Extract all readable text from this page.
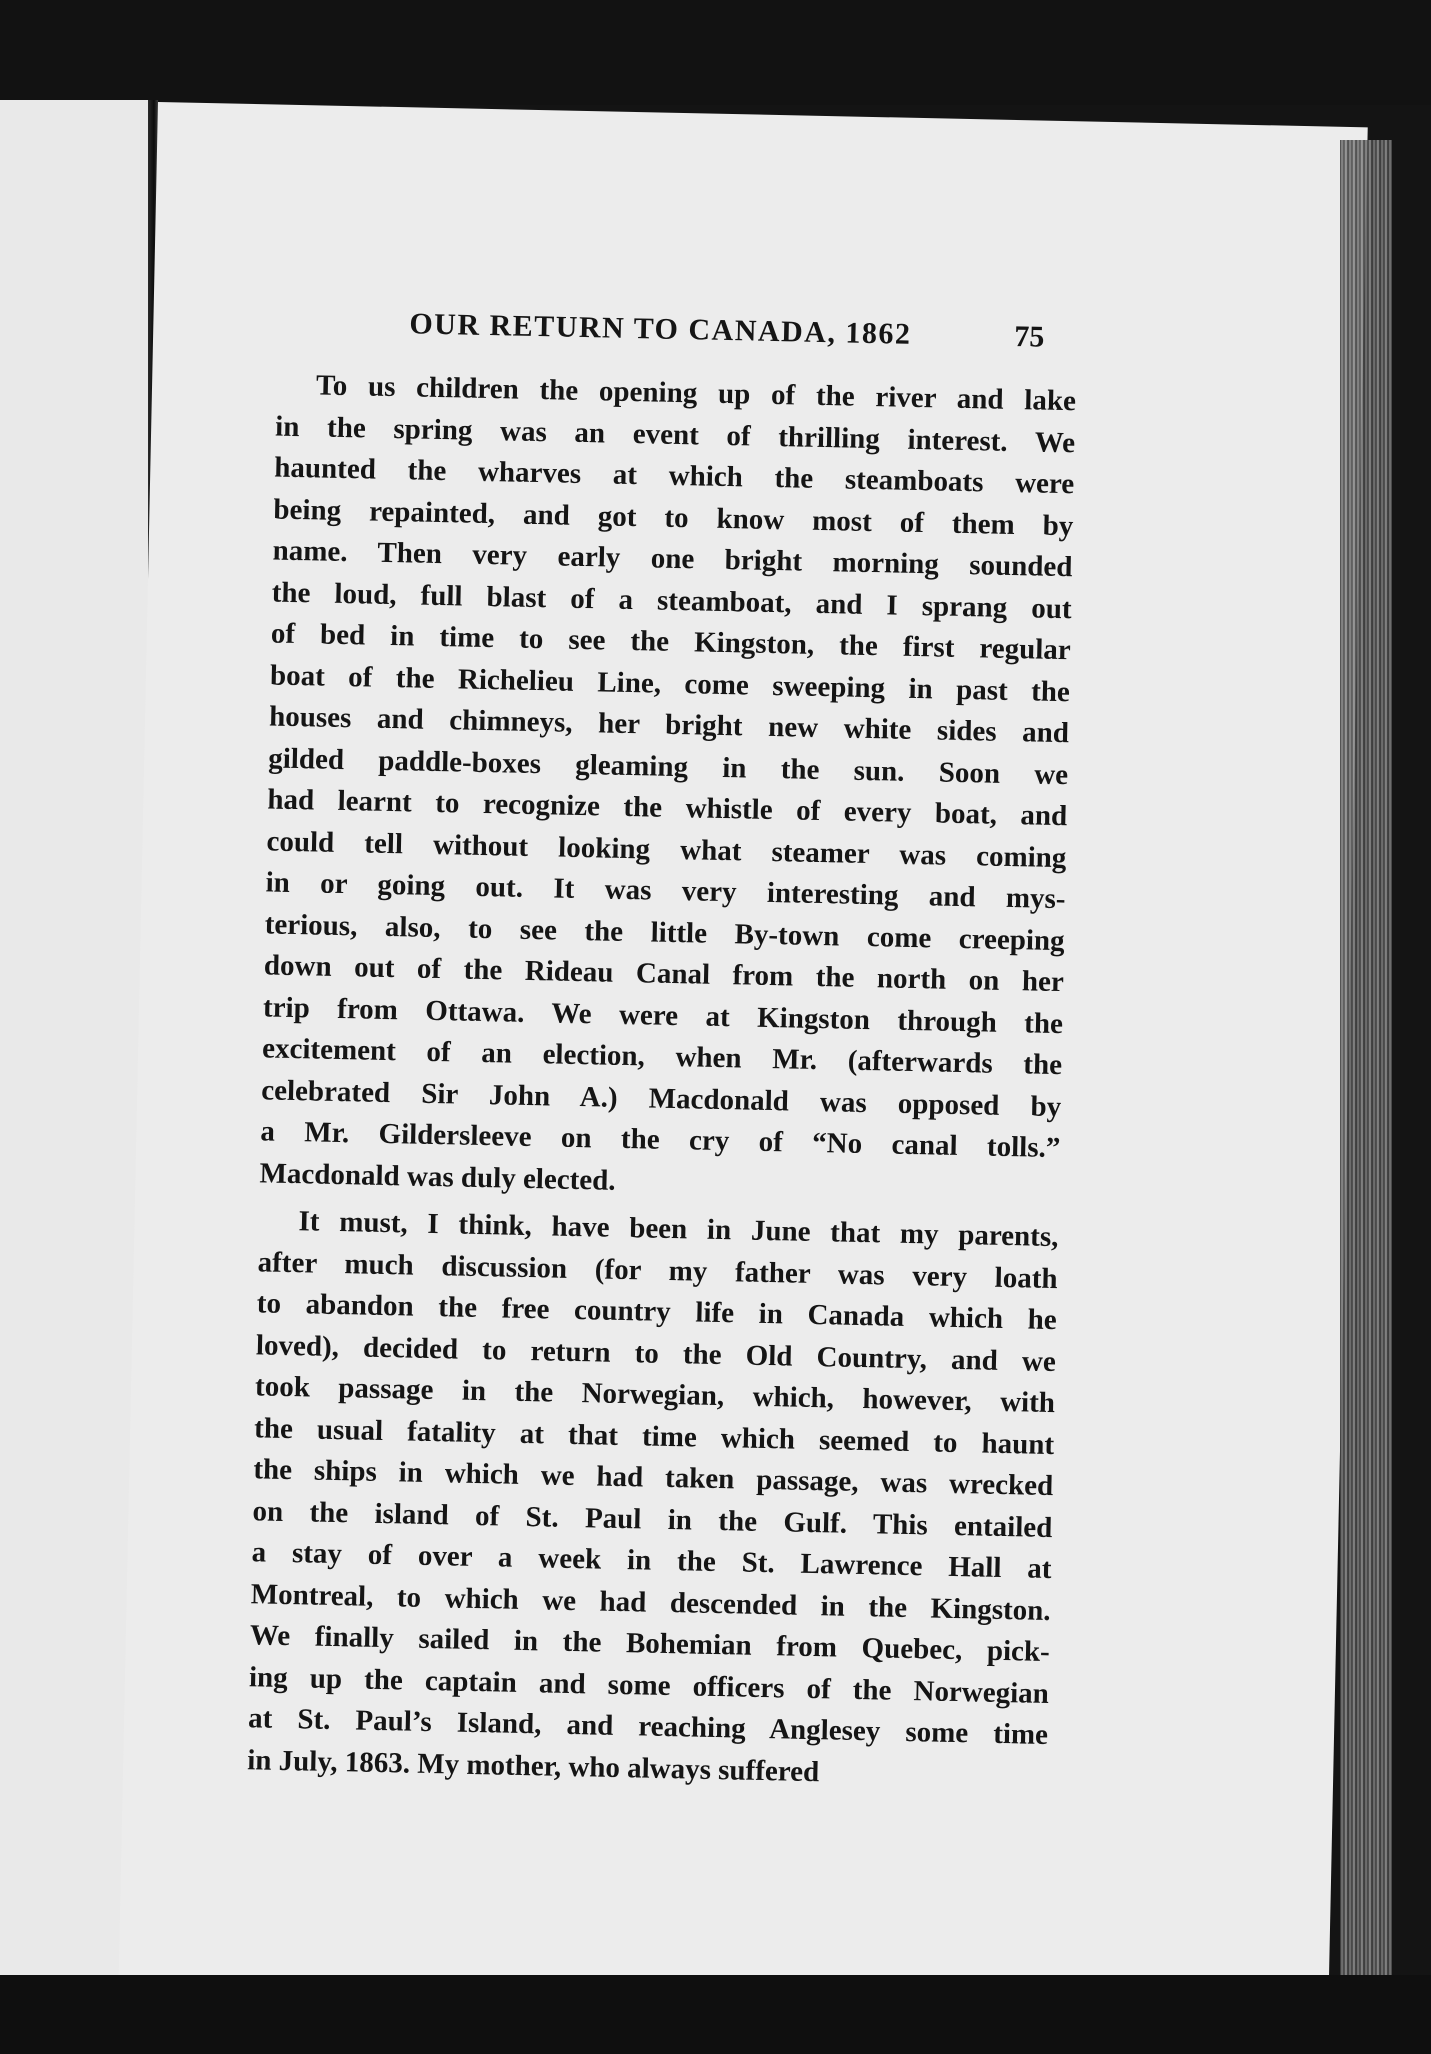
OUR RETURN TO CANADA, 1862	75
To us children the opening up of the river and lake
in the spring was an event of thrilling interest. We
haunted the wharves at which the steamboats were
being repainted, and got to know most of them by
name. Then very early one bright morning sounded
the loud, full blast of a steamboat, and I sprang out
of bed in time to see the Kingston, the first regular
boat of the Richelieu Line, come sweeping in past the
houses and chimneys, her bright new white sides and
gilded paddle-boxes gleaming in the sun. Soon we
had learnt to recognize the whistle of every boat, and
could tell without looking what steamer was coming
in or going out. It was very interesting and mys-
terious, also, to see the little By-town come creeping
down out of the Rideau Canal from the north on her
trip from Ottawa. We were at Kingston through the
excitement of an election, when Mr. (afterwards the
celebrated Sir John A.) Macdonald was opposed by
a Mr. Gildersleeve on the cry of “No canal tolls.”
Macdonald was duly elected.
It must, I think, have been in June that my parents,
after much discussion (for my father was very loath
to abandon the free country life in Canada which he
loved), decided to return to the Old Country, and we
took passage in the Norwegian, which, however, with
the usual fatality at that time which seemed to haunt
the ships in which we had taken passage, was wrecked
on the island of St. Paul in the Gulf. This entailed
a stay of over a week in the St. Lawrence Hall at
Montreal, to which we had descended in the Kingston.
We finally sailed in the Bohemian from Quebec, pick-
ing up the captain and some officers of the Norwegian
at St. Paul’s Island, and reaching Anglesey some time
in July, 1863. My mother, who always suffered
